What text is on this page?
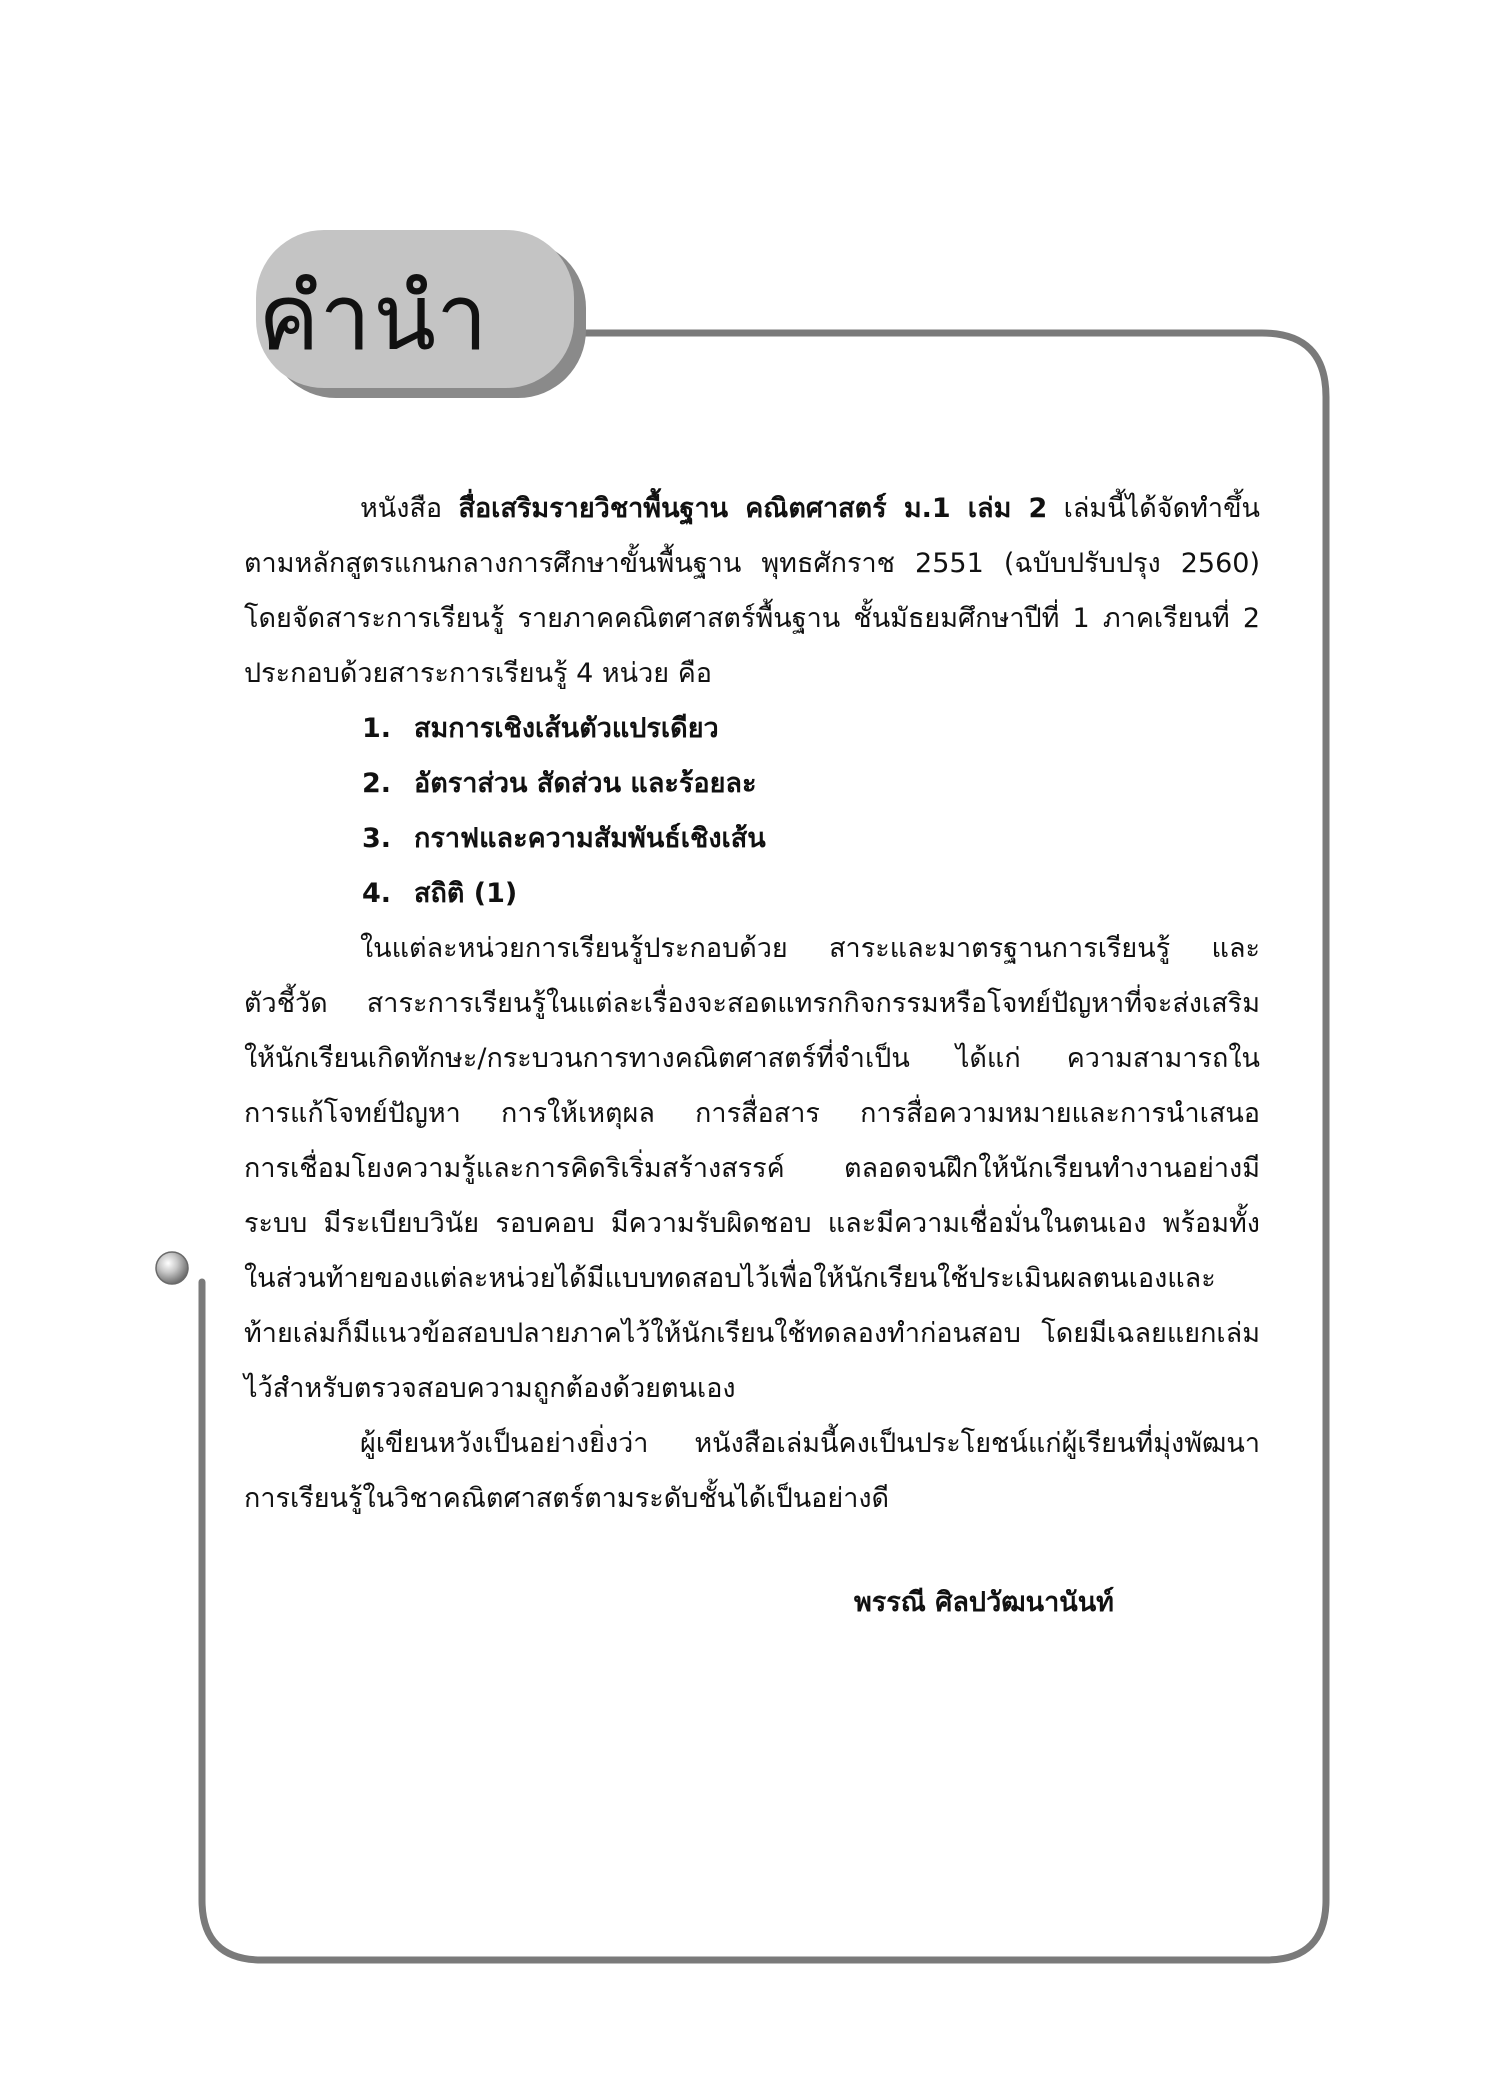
คำนำ
หนังสือ สื่อเสริมรายวิชาพื้นฐาน คณิตศาสตร์ ม.1 เล่ม 2 เล่มนี้ได้จัดทำขึ้น
ตามหลักสูตรแกนกลางการศึกษาขั้นพื้นฐาน พุทธศักราช 2551 (ฉบับปรับปรุง 2560)
โดยจัดสาระการเรียนรู้ รายภาคคณิตศาสตร์พื้นฐาน ชั้นมัธยมศึกษาปีที่ 1 ภาคเรียนที่ 2
ประกอบด้วยสาระการเรียนรู้ 4 หน่วย คือ
1. สมการเชิงเส้นตัวแปรเดียว
2. อัตราส่วน สัดส่วน และร้อยละ
3. กราฟและความสัมพันธ์เชิงเส้น
4. สถิติ (1)
ในแต่ละหน่วยการเรียนรู้ประกอบด้วย สาระและมาตรฐานการเรียนรู้ และ
ตัวชี้วัด สาระการเรียนรู้ในแต่ละเรื่องจะสอดแทรกกิจกรรมหรือโจทย์ปัญหาที่จะส่งเสริม
ให้นักเรียนเกิดทักษะ/กระบวนการทางคณิตศาสตร์ที่จำเป็น ได้แก่ ความสามารถใน
การแก้โจทย์ปัญหา การให้เหตุผล การสื่อสาร การสื่อความหมายและการนำเสนอ
การเชื่อมโยงความรู้และการคิดริเริ่มสร้างสรรค์ ตลอดจนฝึกให้นักเรียนทำงานอย่างมี
ระบบ มีระเบียบวินัย รอบคอบ มีความรับผิดชอบ และมีความเชื่อมั่นในตนเอง พร้อมทั้ง
ในส่วนท้ายของแต่ละหน่วยได้มีแบบทดสอบไว้เพื่อให้นักเรียนใช้ประเมินผลตนเองและ
ท้ายเล่มก็มีแนวข้อสอบปลายภาคไว้ให้นักเรียนใช้ทดลองทำก่อนสอบ โดยมีเฉลยแยกเล่ม
ไว้สำหรับตรวจสอบความถูกต้องด้วยตนเอง
ผู้เขียนหวังเป็นอย่างยิ่งว่า หนังสือเล่มนี้คงเป็นประโยชน์แก่ผู้เรียนที่มุ่งพัฒนา
การเรียนรู้ในวิชาคณิตศาสตร์ตามระดับชั้นได้เป็นอย่างดี
พรรณี ศิลปวัฒนานันท์
